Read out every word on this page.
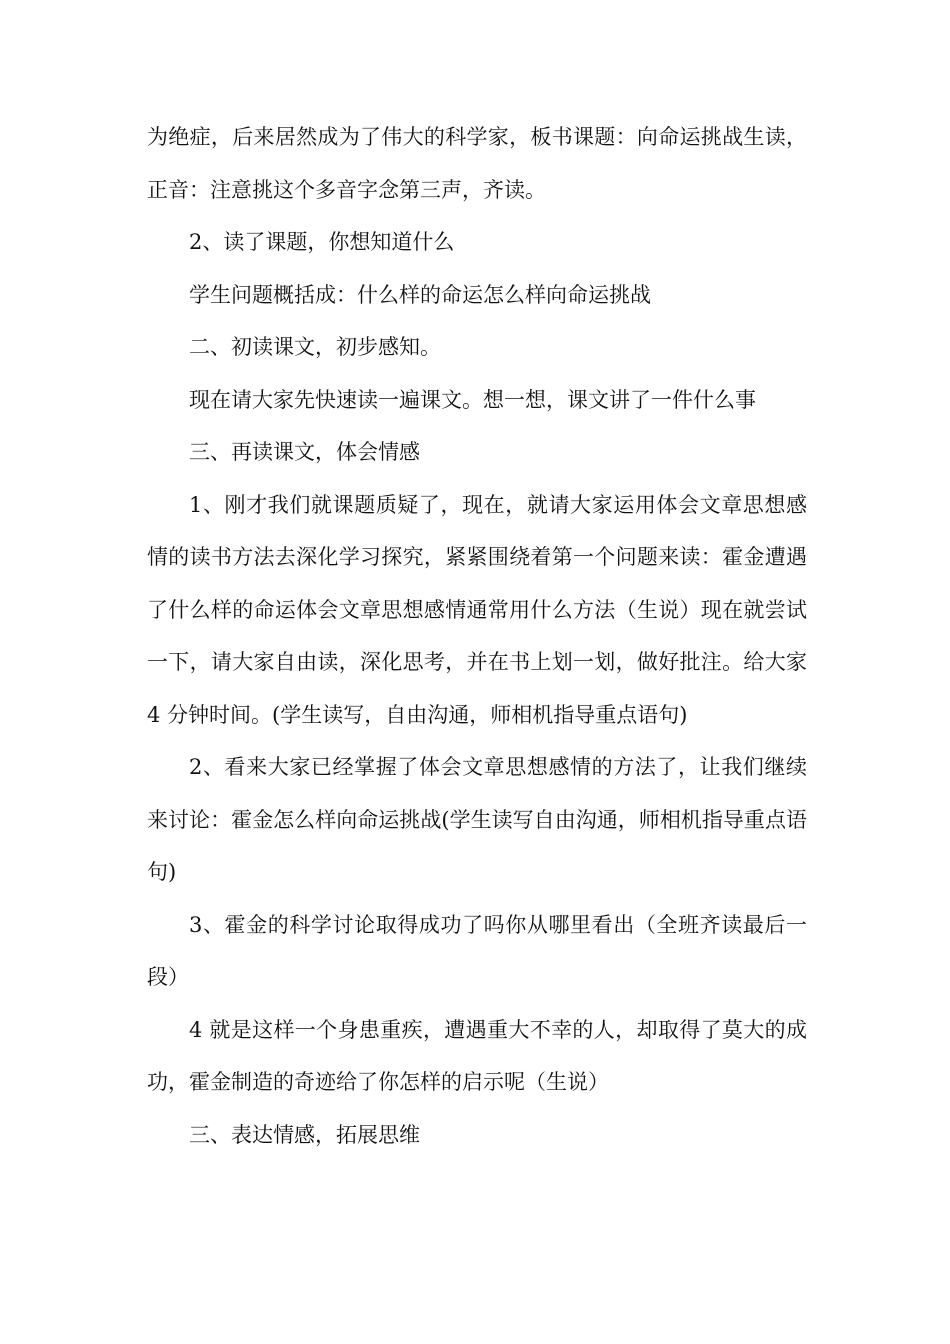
为绝症，后来居然成为了伟大的科学家，板书课题：向命运挑战生读，正音：注意挑这个多音字念第三声，齐读。

2、读了课题，你想知道什么

学生问题概括成：什么样的命运怎么样向命运挑战

二、初读课文，初步感知。

现在请大家先快速读一遍课文。想一想，课文讲了一件什么事

三、再读课文，体会情感

1、刚才我们就课题质疑了，现在，就请大家运用体会文章思想感情的读书方法去深化学习探究，紧紧围绕着第一个问题来读：霍金遭遇了什么样的命运体会文章思想感情通常用什么方法（生说）现在就尝试一下，请大家自由读，深化思考，并在书上划一划，做好批注。给大家 4 分钟时间。(学生读写，自由沟通，师相机指导重点语句)

2、看来大家已经掌握了体会文章思想感情的方法了，让我们继续来讨论：霍金怎么样向命运挑战(学生读写自由沟通，师相机指导重点语句)

3、霍金的科学讨论取得成功了吗你从哪里看出（全班齐读最后一段）

4 就是这样一个身患重疾，遭遇重大不幸的人，却取得了莫大的成功，霍金制造的奇迹给了你怎样的启示呢（生说）

三、表达情感，拓展思维
